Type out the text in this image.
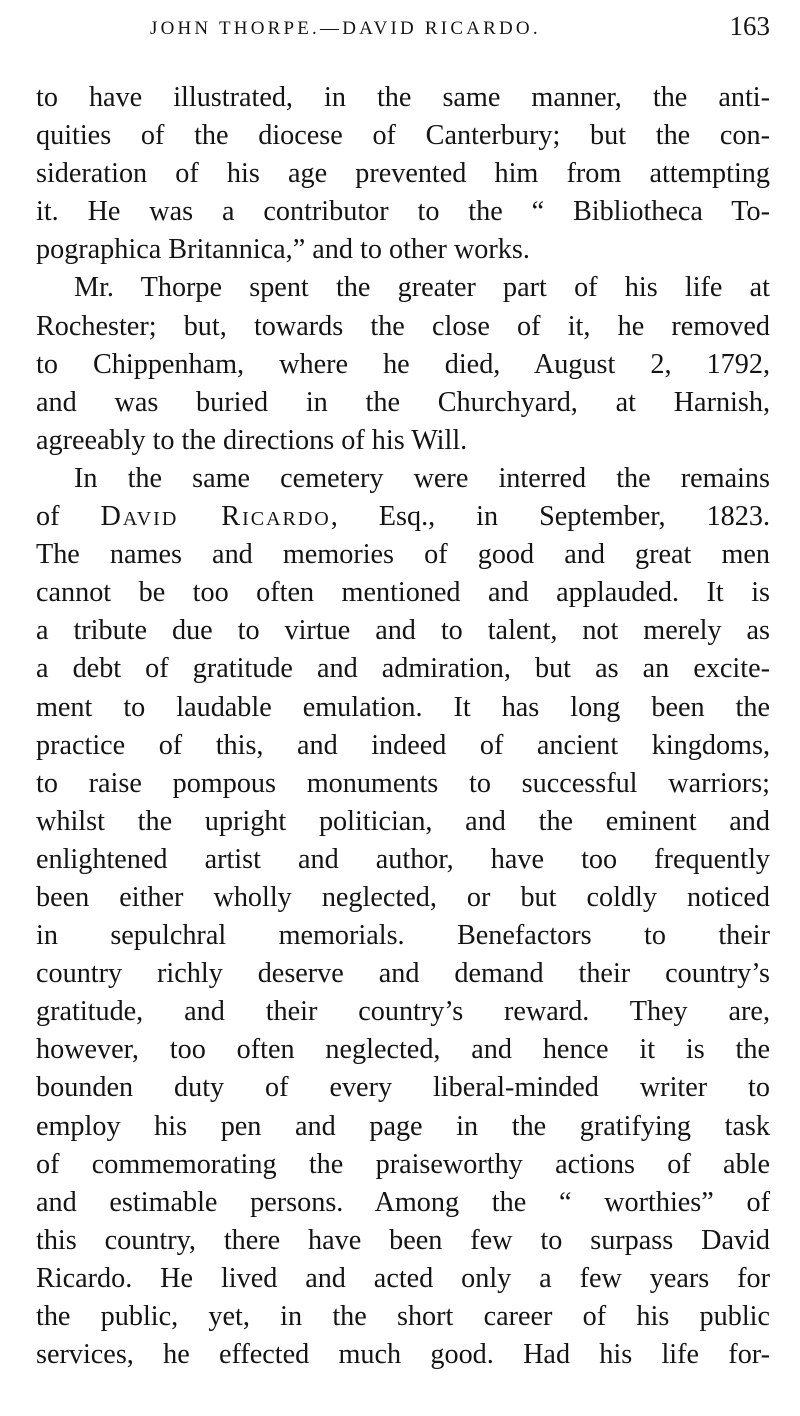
JOHN THORPE.—DAVID RICARDO.	163
to have illustrated, in the same manner, the anti-
quities of the diocese of Canterbury; but the con-
sideration of his age prevented him from attempting
it. He was a contributor to the “ Bibliotheca To-
pographica Britannica,” and to other works.
Mr. Thorpe spent the greater part of his life at
Rochester; but, towards the close of it, he removed
to Chippenham, where he died, August 2, 1792,
and was buried in the Churchyard, at Harnish,
agreeably to the directions of his Will.
In the same cemetery were interred the remains
of David Ricardo, Esq., in September, 1823.
The names and memories of good and great men
cannot be too often mentioned and applauded. It is
a tribute due to virtue and to talent, not merely as
a debt of gratitude and admiration, but as an excite-
ment to laudable emulation. It has long been the
practice of this, and indeed of ancient kingdoms,
to raise pompous monuments to successful warriors;
whilst the upright politician, and the eminent and
enlightened artist and author, have too frequently
been either wholly neglected, or but coldly noticed
in sepulchral memorials. Benefactors to their
country richly deserve and demand their country’s
gratitude, and their country’s reward. They are,
however, too often neglected, and hence it is the
bounden duty of every liberal-minded writer to
employ his pen and page in the gratifying task
of commemorating the praiseworthy actions of able
and estimable persons. Among the “ worthies” of
this country, there have been few to surpass David
Ricardo. He lived and acted only a few years for
the public, yet, in the short career of his public
services, he effected much good. Had his life for-
